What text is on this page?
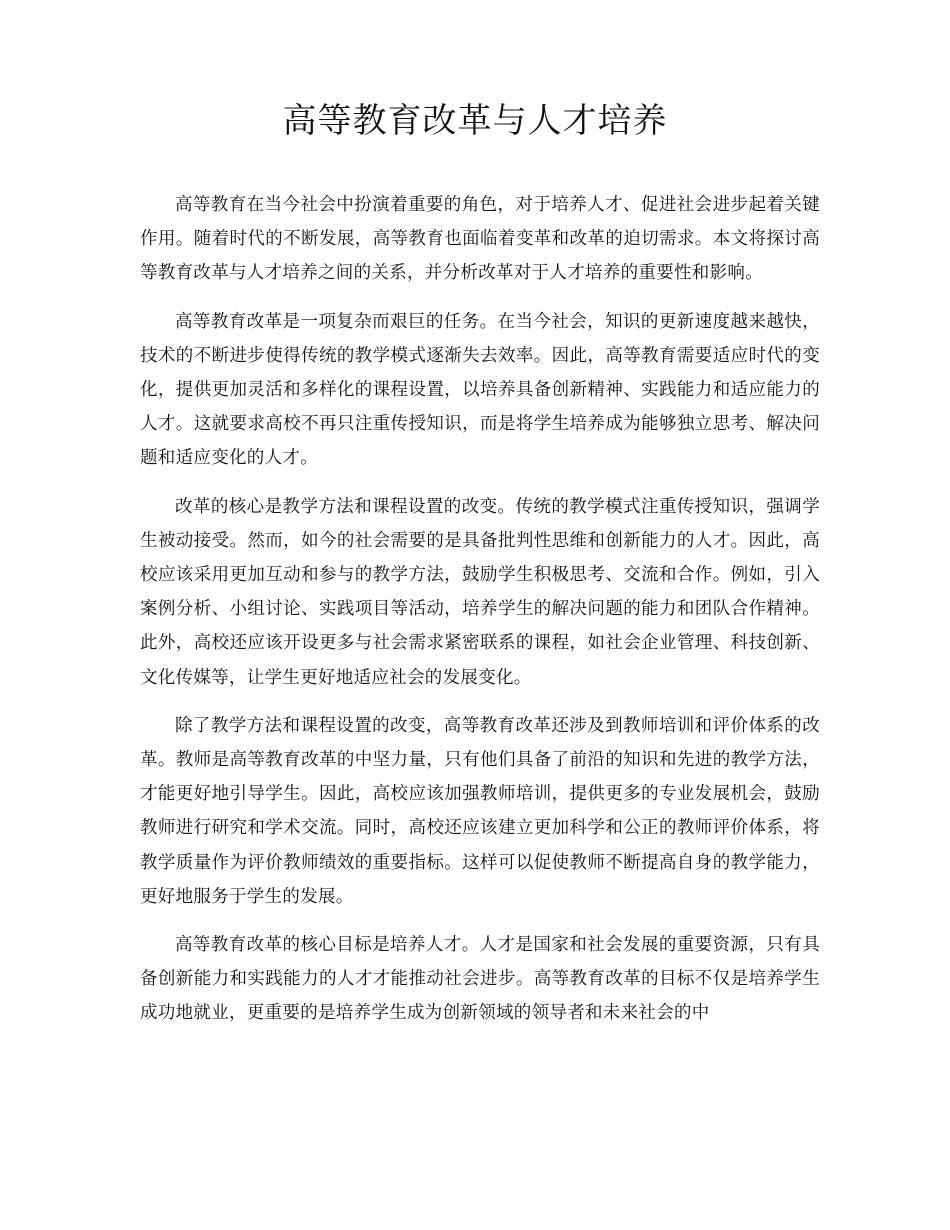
高等教育改革与人才培养

高等教育在当今社会中扮演着重要的角色，对于培养人才、促进社会进步起着关键作用。随着时代的不断发展，高等教育也面临着变革和改革的迫切需求。本文将探讨高等教育改革与人才培养之间的关系，并分析改革对于人才培养的重要性和影响。

高等教育改革是一项复杂而艰巨的任务。在当今社会，知识的更新速度越来越快，技术的不断进步使得传统的教学模式逐渐失去效率。因此，高等教育需要适应时代的变化，提供更加灵活和多样化的课程设置，以培养具备创新精神、实践能力和适应能力的人才。这就要求高校不再只注重传授知识，而是将学生培养成为能够独立思考、解决问题和适应变化的人才。

改革的核心是教学方法和课程设置的改变。传统的教学模式注重传授知识，强调学生被动接受。然而，如今的社会需要的是具备批判性思维和创新能力的人才。因此，高校应该采用更加互动和参与的教学方法，鼓励学生积极思考、交流和合作。例如，引入案例分析、小组讨论、实践项目等活动，培养学生的解决问题的能力和团队合作精神。此外，高校还应该开设更多与社会需求紧密联系的课程，如社会企业管理、科技创新、文化传媒等，让学生更好地适应社会的发展变化。

除了教学方法和课程设置的改变，高等教育改革还涉及到教师培训和评价体系的改革。教师是高等教育改革的中坚力量，只有他们具备了前沿的知识和先进的教学方法，才能更好地引导学生。因此，高校应该加强教师培训，提供更多的专业发展机会，鼓励教师进行研究和学术交流。同时，高校还应该建立更加科学和公正的教师评价体系，将教学质量作为评价教师绩效的重要指标。这样可以促使教师不断提高自身的教学能力，更好地服务于学生的发展。

高等教育改革的核心目标是培养人才。人才是国家和社会发展的重要资源，只有具备创新能力和实践能力的人才才能推动社会进步。高等教育改革的目标不仅是培养学生成功地就业，更重要的是培养学生成为创新领域的领导者和未来社会的中
